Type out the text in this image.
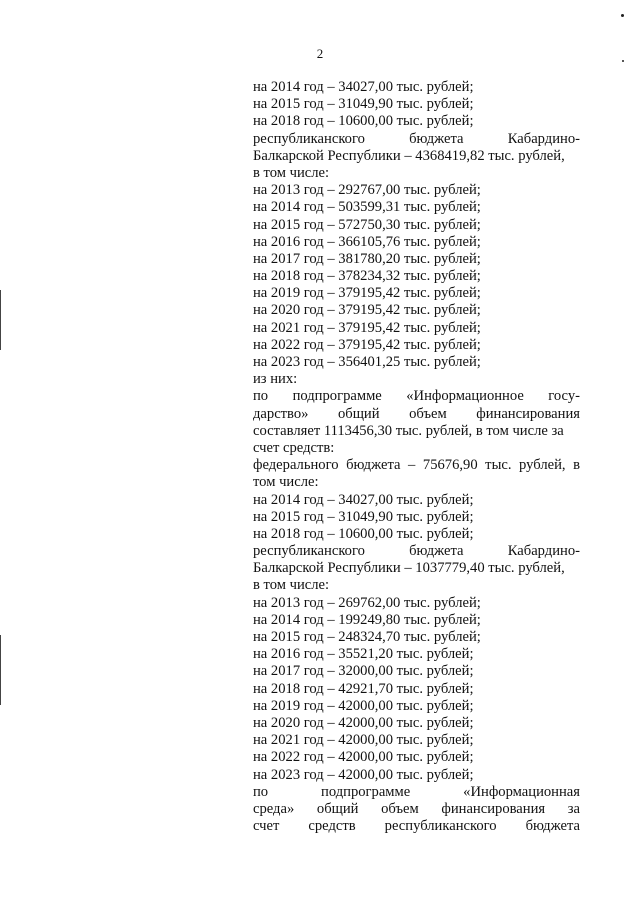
2
на 2014 год – 34027,00 тыс. рублей;
на 2015 год – 31049,90 тыс. рублей;
на 2018 год – 10600,00 тыс. рублей;
республиканского бюджета Кабардино-
Балкарской Республики – 4368419,82 тыс. рублей,
в том числе:
на 2013 год – 292767,00 тыс. рублей;
на 2014 год – 503599,31 тыс. рублей;
на 2015 год – 572750,30 тыс. рублей;
на 2016 год – 366105,76 тыс. рублей;
на 2017 год – 381780,20 тыс. рублей;
на 2018 год – 378234,32 тыс. рублей;
на 2019 год – 379195,42 тыс. рублей;
на 2020 год – 379195,42 тыс. рублей;
на 2021 год – 379195,42 тыс. рублей;
на 2022 год – 379195,42 тыс. рублей;
на 2023 год – 356401,25 тыс. рублей;
из них:
по подпрограмме «Информационное госу-
дарство» общий объем финансирования
составляет 1113456,30 тыс. рублей, в том числе за
счет средств:
федерального бюджета – 75676,90 тыс. рублей, в
том числе:
на 2014 год – 34027,00 тыс. рублей;
на 2015 год – 31049,90 тыс. рублей;
на 2018 год – 10600,00 тыс. рублей;
республиканского бюджета Кабардино-
Балкарской Республики – 1037779,40 тыс. рублей,
в том числе:
на 2013 год – 269762,00 тыс. рублей;
на 2014 год – 199249,80 тыс. рублей;
на 2015 год – 248324,70 тыс. рублей;
на 2016 год – 35521,20 тыс. рублей;
на 2017 год – 32000,00 тыс. рублей;
на 2018 год – 42921,70 тыс. рублей;
на 2019 год – 42000,00 тыс. рублей;
на 2020 год – 42000,00 тыс. рублей;
на 2021 год – 42000,00 тыс. рублей;
на 2022 год – 42000,00 тыс. рублей;
на 2023 год – 42000,00 тыс. рублей;
по подпрограмме «Информационная
среда» общий объем финансирования за
счет средств республиканского бюджета
